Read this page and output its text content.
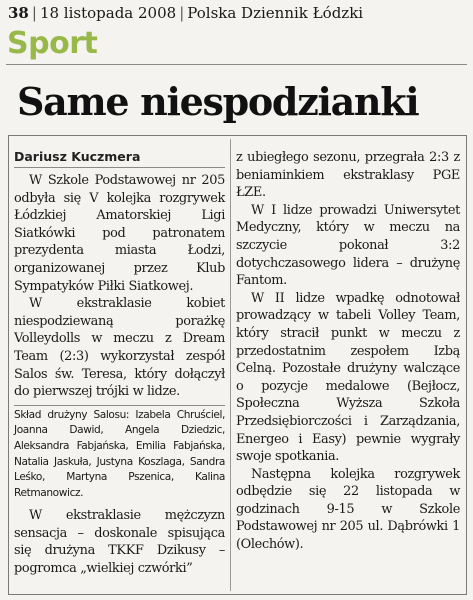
38 | 18 listopada 2008 | Polska Dziennik Łódzki
Sport
Same niespodzianki
Dariusz Kuczmera

W Szkole Podstawowej nr 205 odbyła się V kolejka rozgrywek Łódzkiej Amatorskiej Ligi Siatkówki pod patronatem prezydenta miasta Łodzi, organizowanej przez Klub Sympatyków Piłki Siatkowej.

W ekstraklasie kobiet niespodziewaną porażkę Volleydolls w meczu z Dream Team (2:3) wykorzystał zespół Salos św. Teresa, który dołączył do pierwszej trójki w lidze.

Skład drużyny Salosu: Izabela Chruściel, Joanna Dawid, Angela Dziedzic, Aleksandra Fabjańska, Emilia Fabjańska, Natalia Jaskuła, Justyna Koszlaga, Sandra Leśko, Martyna Pszenica, Kalina Retmanowicz.

W ekstraklasie mężczyzn sensacja – doskonale spisująca się drużyna TKKF Dzikusy – pogromca „wielkiej czwórki”

z ubiegłego sezonu, przegrała 2:3 z beniaminkiem ekstraklasy PGE ŁZE.

W I lidze prowadzi Uniwersytet Medyczny, który w meczu na szczycie pokonał 3:2 dotychczasowego lidera – drużynę Fantom.

W II lidze wpadkę odnotował prowadzący w tabeli Volley Team, który stracił punkt w meczu z przedostatnim zespołem Izbą Celną. Pozostałe drużyny walczące o pozycje medalowe (Bejłocz, Społeczna Wyższa Szkoła Przedsiębiorczości i Zarządzania, Energeo i Easy) pewnie wygrały swoje spotkania.

Następna kolejka rozgrywek odbędzie się 22 listopada w godzinach 9-15 w Szkole Podstawowej nr 205 ul. Dąbrówki 1 (Olechów).
